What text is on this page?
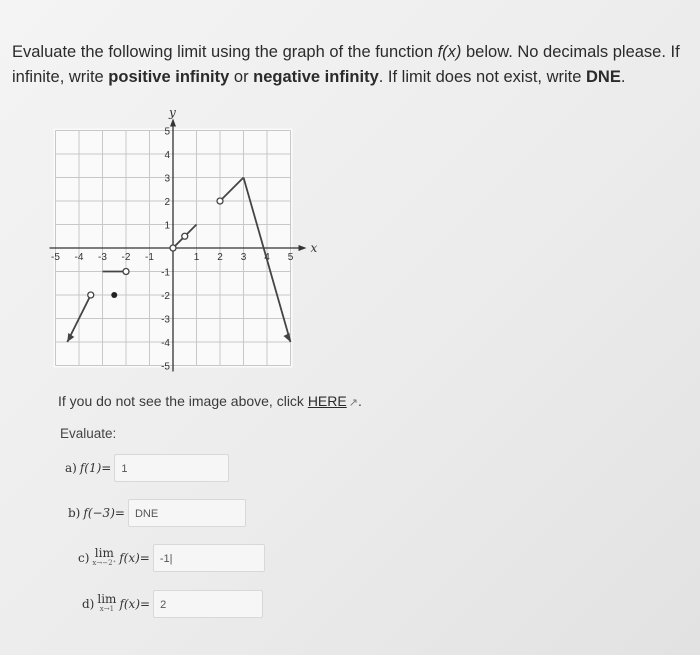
Evaluate the following limit using the graph of the function f(x) below. No decimals please. If infinite, write positive infinity or negative infinity. If limit does not exist, write DNE.
x
y
-5 -4 -3 -2 -1	1 2 3 4 5
5
4
3
2
1
-1
-2
-3
-4
-5
If you do not see the image above, click HERE ↗.
Evaluate:
a) f(1)= 1
b) f(−3)= DNE
c) lim
x→−2⁺ f(x)= -1|
d) lim
x→1 f(x)= 2
